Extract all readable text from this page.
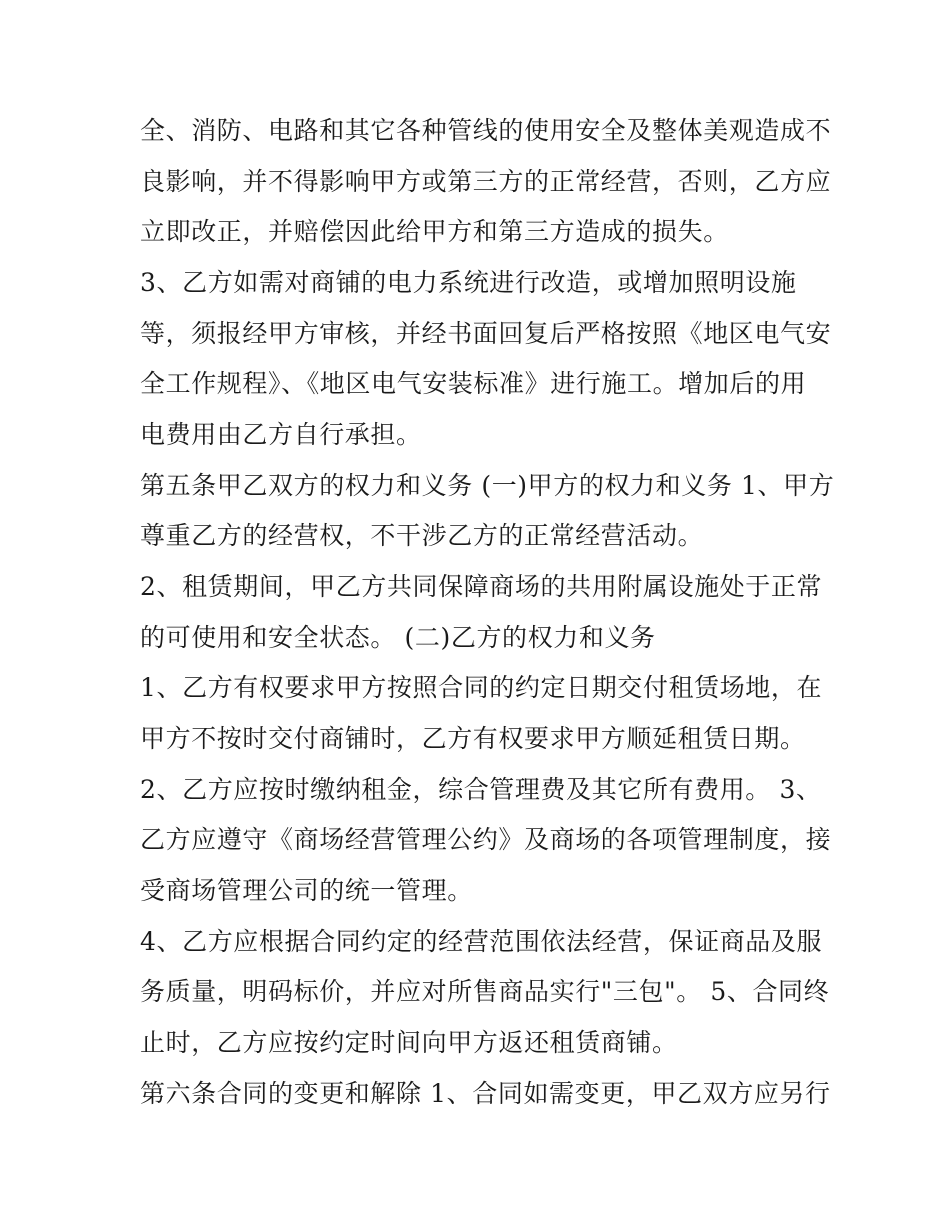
全、消防、电路和其它各种管线的使用安全及整体美观造成不
良影响，并不得影响甲方或第三方的正常经营，否则，乙方应
立即改正，并赔偿因此给甲方和第三方造成的损失。
3、乙方如需对商铺的电力系统进行改造，或增加照明设施
等，须报经甲方审核，并经书面回复后严格按照《地区电气安
全工作规程》、《地区电气安装标准》进行施工。增加后的用
电费用由乙方自行承担。
第五条甲乙双方的权力和义务 (一)甲方的权力和义务 1、甲方
尊重乙方的经营权，不干涉乙方的正常经营活动。
2、租赁期间，甲乙方共同保障商场的共用附属设施处于正常
的可使用和安全状态。 (二)乙方的权力和义务
1、乙方有权要求甲方按照合同的约定日期交付租赁场地，在
甲方不按时交付商铺时，乙方有权要求甲方顺延租赁日期。
2、乙方应按时缴纳租金，综合管理费及其它所有费用。 3、
乙方应遵守《商场经营管理公约》及商场的各项管理制度，接
受商场管理公司的统一管理。
4、乙方应根据合同约定的经营范围依法经营，保证商品及服
务质量，明码标价，并应对所售商品实行"三包"。 5、合同终
止时，乙方应按约定时间向甲方返还租赁商铺。
第六条合同的变更和解除 1、合同如需变更，甲乙双方应另行
